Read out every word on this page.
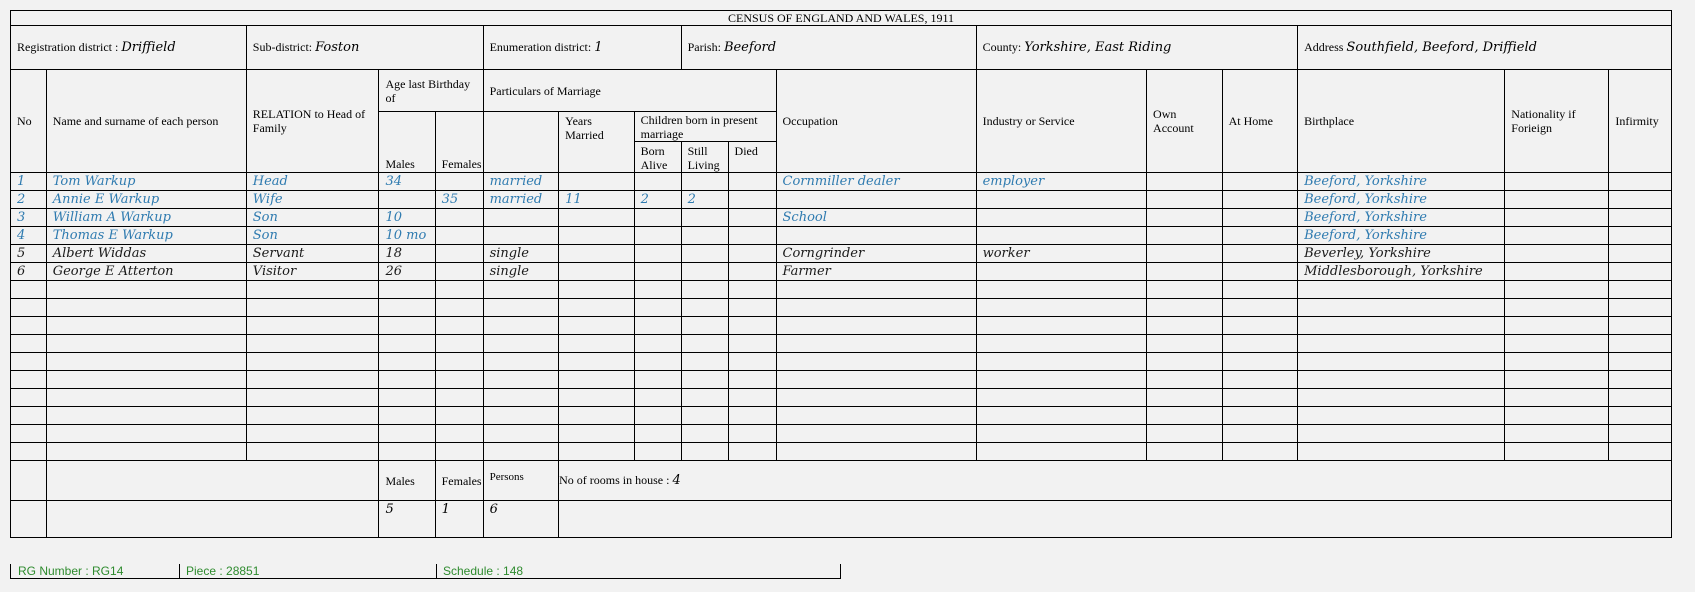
CENSUS OF ENGLAND AND WALES, 1911																
Registration district : Driffield		Sub-district: Foston			Enumeration district: 1			Parish: Beeford			County: Yorkshire, East Riding			Address Southfield, Beeford, Driffield		
No	Name and surname of each person	RELATION to Head of Family	Age last Birthday of		Particulars of Marriage					Occupation	Industry or Service	Own Account	At Home	Birthplace	Nationality if Forieign	Infirmity
			Males	Females		Years Married	Children born in present marriage									
							Born Alive	Still Living	Died							
1	Tom Warkup	Head	34		married					Cornmiller dealer	employer			Beeford, Yorkshire		
2	Annie E Warkup	Wife		35	married	11	2	2						Beeford, Yorkshire		
3	William A Warkup	Son	10							School				Beeford, Yorkshire		
4	Thomas E Warkup	Son	10 mo											Beeford, Yorkshire		
5	Albert Widdas	Servant	18		single					Corngrinder	worker			Beverley, Yorkshire		
6	George E Atterton	Visitor	26		single					Farmer				Middlesborough, Yorkshire		

			Males	Females	Persons	No of rooms in house : 4										
			5	1	6											
RG Number : RG14	Piece : 28851	Schedule : 148
